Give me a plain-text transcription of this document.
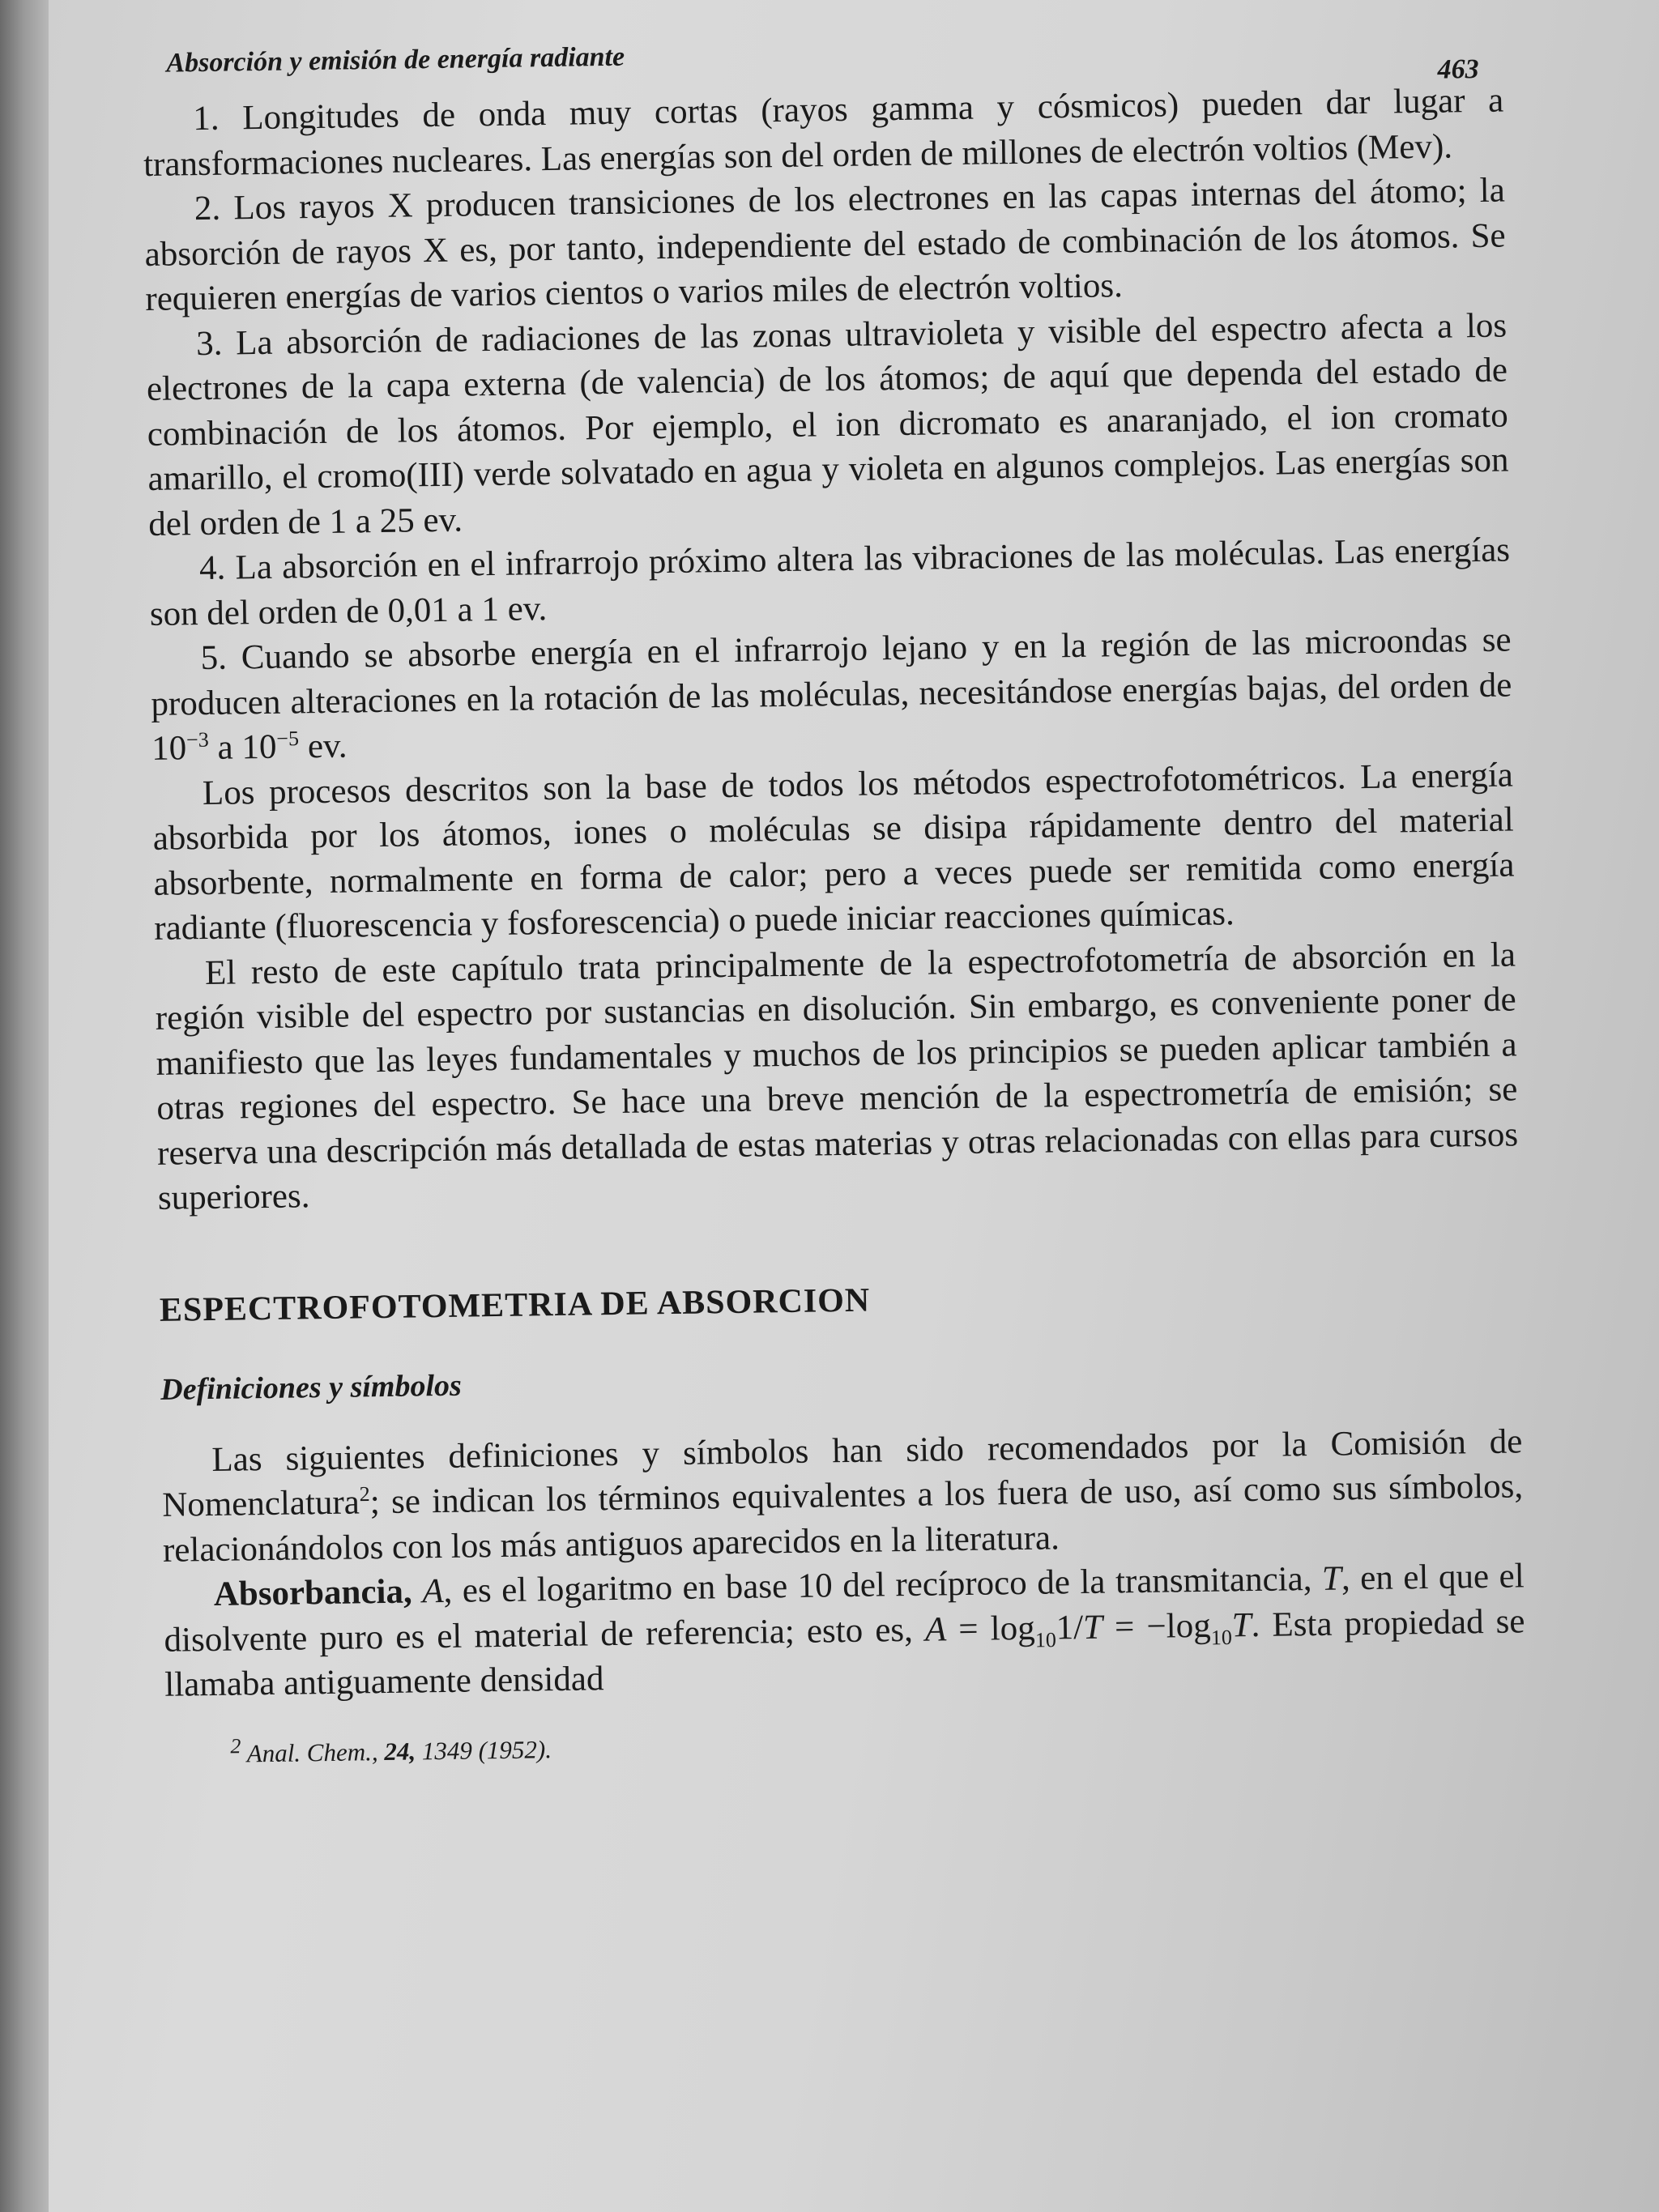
Absorción y emisión de energía radiante	463

1. Longitudes de onda muy cortas (rayos gamma y cósmicos) pueden dar lugar a transformaciones nucleares. Las energías son del orden de millones de electrón voltios (Mev).

2. Los rayos X producen transiciones de los electrones en las capas internas del átomo; la absorción de rayos X es, por tanto, independiente del estado de combinación de los átomos. Se requieren energías de varios cientos o varios miles de electrón voltios.

3. La absorción de radiaciones de las zonas ultravioleta y visible del espectro afecta a los electrones de la capa externa (de valencia) de los átomos; de aquí que dependa del estado de combinación de los átomos. Por ejemplo, el ion dicromato es anaranjado, el ion cromato amarillo, el cromo(III) verde solvatado en agua y violeta en algunos complejos. Las energías son del orden de 1 a 25 ev.

4. La absorción en el infrarrojo próximo altera las vibraciones de las moléculas. Las energías son del orden de 0,01 a 1 ev.

5. Cuando se absorbe energía en el infrarrojo lejano y en la región de las microondas se producen alteraciones en la rotación de las moléculas, necesitándose energías bajas, del orden de $10^{-3}$ a $10^{-5}$ ev.

Los procesos descritos son la base de todos los métodos espectrofotométricos. La energía absorbida por los átomos, iones o moléculas se disipa rápidamente dentro del material absorbente, normalmente en forma de calor; pero a veces puede ser remitida como energía radiante (fluorescencia y fosforescencia) o puede iniciar reacciones químicas.

El resto de este capítulo trata principalmente de la espectrofotometría de absorción en la región visible del espectro por sustancias en disolución. Sin embargo, es conveniente poner de manifiesto que las leyes fundamentales y muchos de los principios se pueden aplicar también a otras regiones del espectro. Se hace una breve mención de la espectrometría de emisión; se reserva una descripción más detallada de estas materias y otras relacionadas con ellas para cursos superiores.

ESPECTROFOTOMETRIA DE ABSORCION
Definiciones y símbolos

Las siguientes definiciones y símbolos han sido recomendados por la Comisión de Nomenclatura$^2$; se indican los términos equivalentes a los fuera de uso, así como sus símbolos, relacionándolos con los más antiguos aparecidos en la literatura.

Absorbancia, A, es el logaritmo en base 10 del recíproco de la transmitancia, T, en el que el disolvente puro es el material de referencia; esto es, $A = \log_{10}1/T = -\log_{10}T$. Esta propiedad se llamaba antiguamente densidad

$^2$ Anal. Chem., 24, 1349 (1952).
